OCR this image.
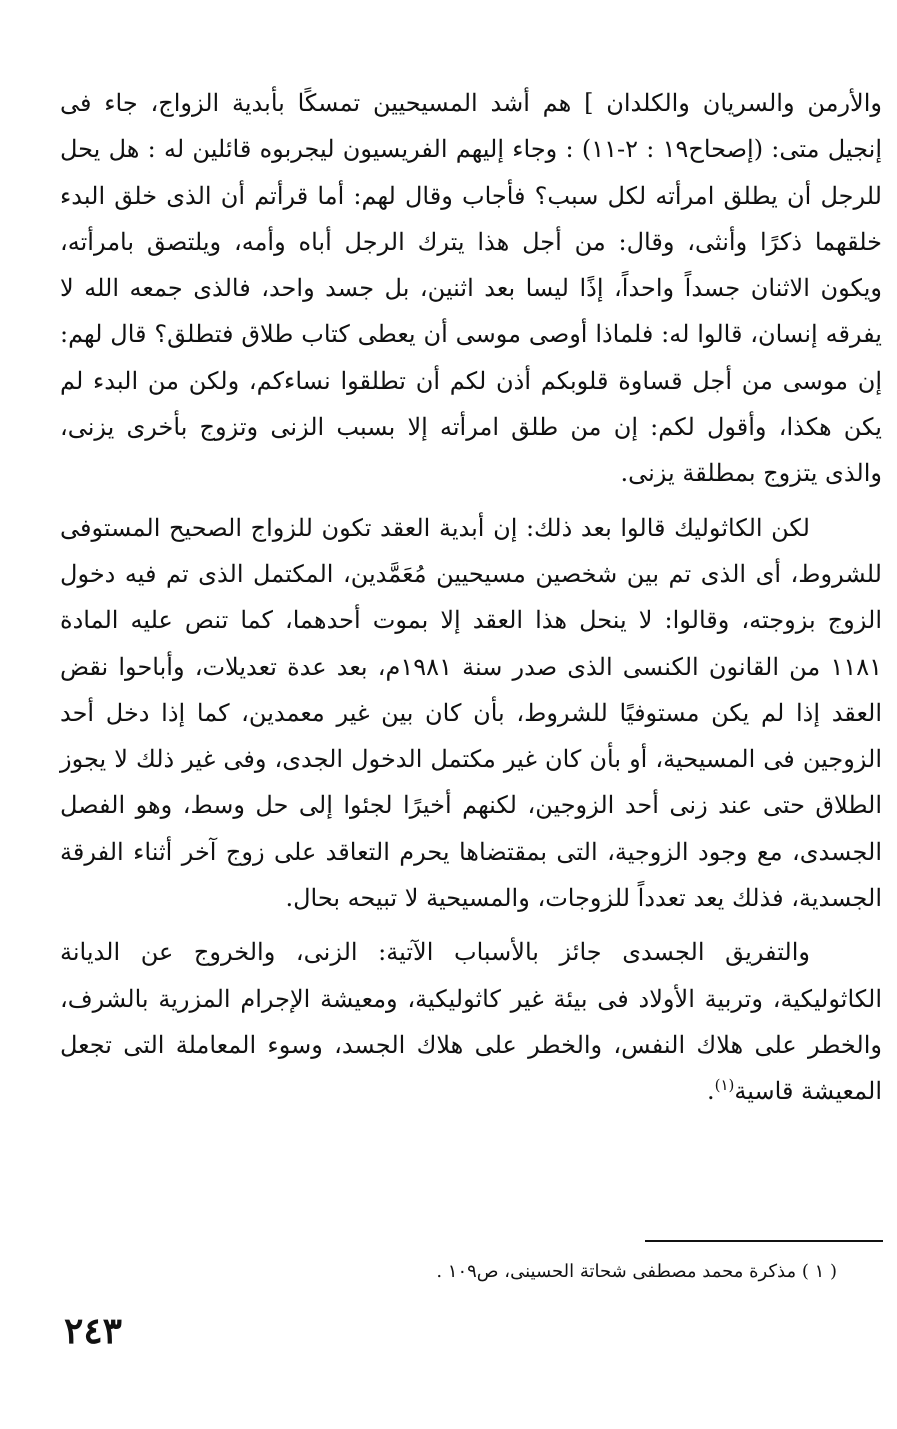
والأرمن والسريان والكلدان ] هم أشد المسيحيين تمسكًا بأبدية الزواج، جاء فى إنجيل متى: (إصحاح١٩ : ٢-١١) : وجاء إليهم الفريسيون ليجربوه قائلين له : هل يحل للرجل أن يطلق امرأته لكل سبب؟ فأجاب وقال لهم: أما قرأتم أن الذى خلق البدء خلقهما ذكرًا وأنثى، وقال: من أجل هذا يترك الرجل أباه وأمه، ويلتصق بامرأته، ويكون الاثنان جسداً واحداً، إذًا ليسا بعد اثنين، بل جسد واحد، فالذى جمعه الله لا يفرقه إنسان، قالوا له: فلماذا أوصى موسى أن يعطى كتاب طلاق فتطلق؟ قال لهم: إن موسى من أجل قساوة قلوبكم أذن لكم أن تطلقوا نساءكم، ولكن من البدء لم يكن هكذا، وأقول لكم: إن من طلق امرأته إلا بسبب الزنى وتزوج بأخرى يزنى، والذى يتزوج بمطلقة يزنى.

لكن الكاثوليك قالوا بعد ذلك: إن أبدية العقد تكون للزواج الصحيح المستوفى للشروط، أى الذى تم بين شخصين مسيحيين مُعَمَّدين، المكتمل الذى تم فيه دخول الزوج بزوجته، وقالوا: لا ينحل هذا العقد إلا بموت أحدهما، كما تنص عليه المادة ١١٨١ من القانون الكنسى الذى صدر سنة ١٩٨١م، بعد عدة تعديلات، وأباحوا نقض العقد إذا لم يكن مستوفيًا للشروط، بأن كان بين غير معمدين، كما إذا دخل أحد الزوجين فى المسيحية، أو بأن كان غير مكتمل الدخول الجدى، وفى غير ذلك لا يجوز الطلاق حتى عند زنى أحد الزوجين، لكنهم أخيرًا لجئوا إلى حل وسط، وهو الفصل الجسدى، مع وجود الزوجية، التى بمقتضاها يحرم التعاقد على زوج آخر أثناء الفرقة الجسدية، فذلك يعد تعدداً للزوجات، والمسيحية لا تبيحه بحال.

والتفريق الجسدى جائز بالأسباب الآتية: الزنى، والخروج عن الديانة الكاثوليكية، وتربية الأولاد فى بيئة غير كاثوليكية، ومعيشة الإجرام المزرية بالشرف، والخطر على هلاك النفس، والخطر على هلاك الجسد، وسوء المعاملة التى تجعل المعيشة قاسية$^{(١)}$.

( ١ ) مذكرة محمد مصطفى شحاتة الحسينى، ص١٠٩ .
٢٤٣
